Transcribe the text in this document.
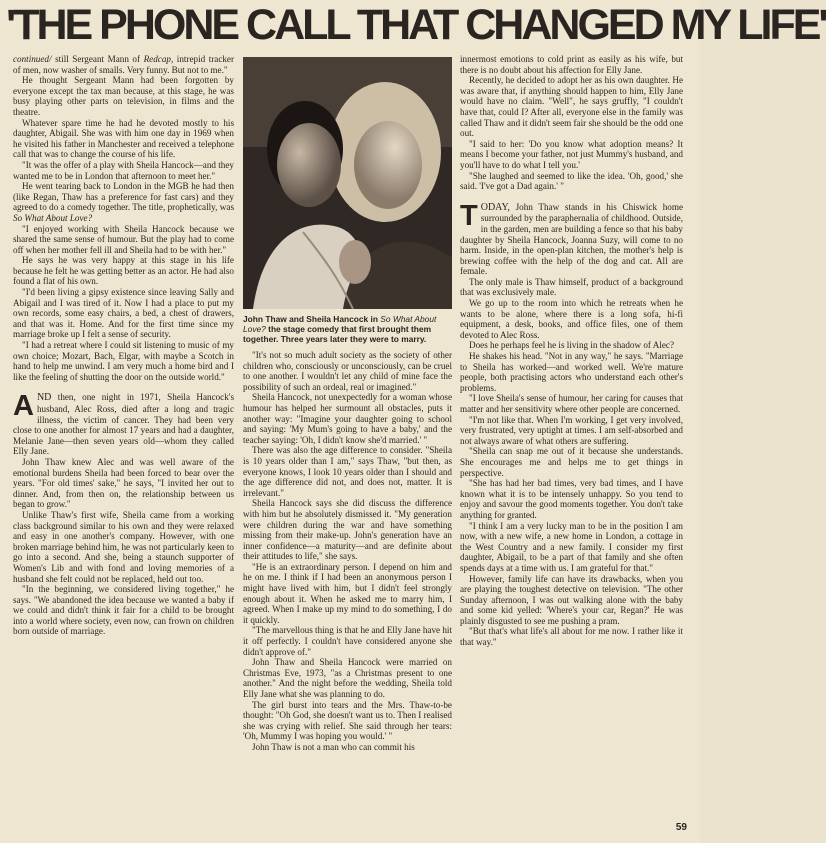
'THE PHONE CALL THAT CHANGED MY LIFE'

continued/ still Sergeant Mann of Redcap, intrepid tracker of men, now washer of smalls. Very funny. But not to me."

He thought Sergeant Mann had been forgotten by everyone except the tax man because, at this stage, he was busy playing other parts on television, in films and the theatre.

Whatever spare time he had he devoted mostly to his daughter, Abigail. She was with him one day in 1969 when he visited his father in Manchester and received a telephone call that was to change the course of his life.

"It was the offer of a play with Sheila Hancock—and they wanted me to be in London that afternoon to meet her."

He went tearing back to London in the MGB he had then (like Regan, Thaw has a preference for fast cars) and they agreed to do a comedy together. The title, prophetically, was So What About Love?

"I enjoyed working with Sheila Hancock because we shared the same sense of humour. But the play had to come off when her mother fell ill and Sheila had to be with her."

He says he was very happy at this stage in his life because he felt he was getting better as an actor. He had also found a flat of his own.

"I'd been living a gipsy existence since leaving Sally and Abigail and I was tired of it. Now I had a place to put my own records, some easy chairs, a bed, a chest of drawers, and that was it. Home. And for the first time since my marriage broke up I felt a sense of security.

"I had a retreat where I could sit listening to music of my own choice; Mozart, Bach, Elgar, with maybe a Scotch in hand to help me unwind. I am very much a home bird and I like the feeling of shutting the door on the outside world."

AND then, one night in 1971, Sheila Hancock's husband, Alec Ross, died after a long and tragic illness, the victim of cancer. They had been very close to one another for almost 17 years and had a daughter, Melanie Jane—then seven years old—whom they called Elly Jane.

John Thaw knew Alec and was well aware of the emotional burdens Sheila had been forced to bear over the years. "For old times' sake," he says, "I invited her out to dinner. And, from then on, the relationship between us began to grow."

Unlike Thaw's first wife, Sheila came from a working class background similar to his own and they were relaxed and easy in one another's company. However, with one broken marriage behind him, he was not particularly keen to go into a second. And she, being a staunch supporter of Women's Lib and with fond and loving memories of a husband she felt could not be replaced, held out too.

"In the beginning, we considered living together," he says. "We abandoned the idea because we wanted a baby if we could and didn't think it fair for a child to be brought into a world where society, even now, can frown on children born outside of marriage.

John Thaw and Sheila Hancock in So What About Love? the stage comedy that first brought them together. Three years later they were to marry.

"It's not so much adult society as the society of other children who, consciously or unconsciously, can be cruel to one another. I wouldn't let any child of mine face the possibility of such an ordeal, real or imagined."

Sheila Hancock, not unexpectedly for a woman whose humour has helped her surmount all obstacles, puts it another way: "Imagine your daughter going to school and saying: 'My Mum's going to have a baby,' and the teacher saying: 'Oh, I didn't know she'd married.' "

There was also the age difference to consider. "Sheila is 10 years older than I am," says Thaw, "but then, as everyone knows, I look 10 years older than I should and the age difference did not, and does not, matter. It is irrelevant."

Sheila Hancock says she did discuss the difference with him but he absolutely dismissed it. "My generation were children during the war and have something missing from their make-up. John's generation have an inner confidence—a maturity—and are definite about their attitudes to life," she says.

"He is an extraordinary person. I depend on him and he on me. I think if I had been an anonymous person I might have lived with him, but I didn't feel strongly enough about it. When he asked me to marry him, I agreed. When I make up my mind to do something, I do it quickly.

"The marvellous thing is that he and Elly Jane have hit it off perfectly. I couldn't have considered anyone she didn't approve of."

John Thaw and Sheila Hancock were married on Christmas Eve, 1973, "as a Christmas present to one another." And the night before the wedding, Sheila told Elly Jane what she was planning to do.

The girl burst into tears and the Mrs. Thaw-to-be thought: "Oh God, she doesn't want us to. Then I realised she was crying with relief. She said through her tears: 'Oh, Mummy I was hoping you would.' "

John Thaw is not a man who can commit his

innermost emotions to cold print as easily as his wife, but there is no doubt about his affection for Elly Jane.

Recently, he decided to adopt her as his own daughter. He was aware that, if anything should happen to him, Elly Jane would have no claim. "Well", he says gruffly, "I couldn't have that, could I? After all, everyone else in the family was called Thaw and it didn't seem fair she should be the odd one out.

"I said to her: 'Do you know what adoption means? It means I become your father, not just Mummy's husband, and you'll have to do what I tell you.'

"She laughed and seemed to like the idea. 'Oh, good,' she said. 'I've got a Dad again.' "

TODAY, John Thaw stands in his Chiswick home surrounded by the paraphernalia of childhood. Outside, in the garden, men are building a fence so that his baby daughter by Sheila Hancock, Joanna Suzy, will come to no harm. Inside, in the open-plan kitchen, the mother's help is brewing coffee with the help of the dog and cat. All are female.

The only male is Thaw himself, product of a background that was exclusively male.

We go up to the room into which he retreats when he wants to be alone, where there is a long sofa, hi-fi equipment, a desk, books, and office files, one of them devoted to Alec Ross.

Does he perhaps feel he is living in the shadow of Alec?

He shakes his head. "Not in any way," he says. "Marriage to Sheila has worked—and worked well. We're mature people, both practising actors who understand each other's problems.

"I love Sheila's sense of humour, her caring for causes that matter and her sensitivity where other people are concerned.

"I'm not like that. When I'm working, I get very involved, very frustrated, very uptight at times. I am self-absorbed and not always aware of what others are suffering.

"Sheila can snap me out of it because she understands. She encourages me and helps me to get things in perspective.

"She has had her bad times, very bad times, and I have known what it is to be intensely unhappy. So you tend to enjoy and savour the good moments together. You don't take anything for granted.

"I think I am a very lucky man to be in the position I am now, with a new wife, a new home in London, a cottage in the West Country and a new family. I consider my first daughter, Abigail, to be a part of that family and she often spends days at a time with us. I am grateful for that."

However, family life can have its drawbacks, when you are playing the toughest detective on television. "The other Sunday afternoon, I was out walking alone with the baby and some kid yelled: 'Where's your car, Regan?' He was plainly disgusted to see me pushing a pram.

"But that's what life's all about for me now. I rather like it that way."

59
